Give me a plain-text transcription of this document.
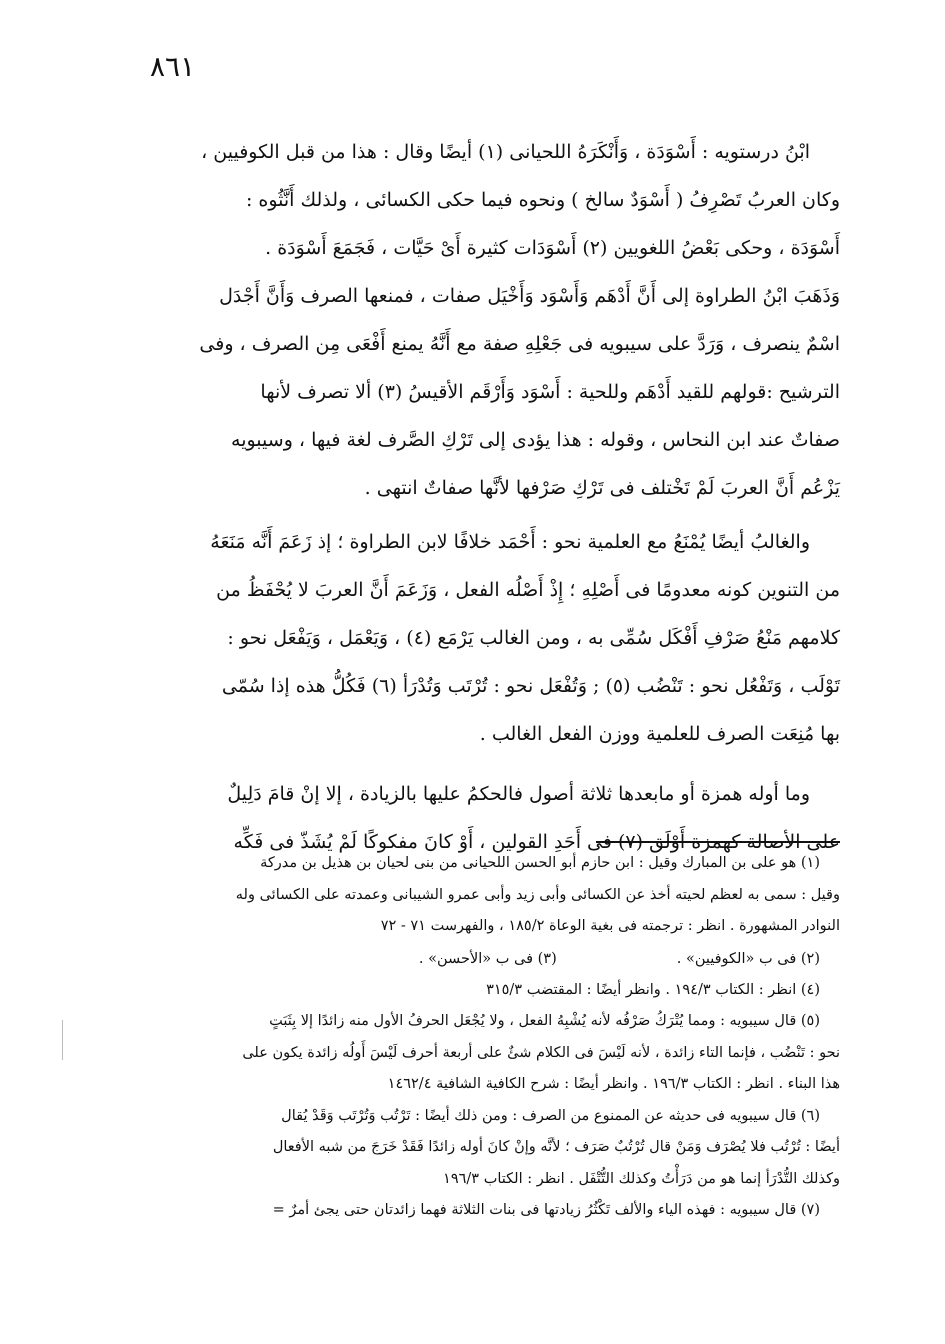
٨٦١

ابْنُ درستويه : أَسْوَدَة ، وَأَنْكَرَهُ اللحيانى (١) أيضًا وقال : هذا من قبل الكوفيين ،

وكان العربُ تَصْرِفُ ( أَسْوَدٌ سالخ ) ونحوه فيما حكى الكسائى ، ولذلك أَنَّثُوه :

أَسْوَدَة ، وحكى بَعْضُ اللغويين (٢) أَسْوَدَات كثيرة أَىْ حَيَّات ، فَجَمَعَ أَسْوَدَة .

وَذَهَبَ ابْنُ الطراوة إلى أَنَّ أَدْهَم وَأَسْوَد وَأَخْيَل صفات ، فمنعها الصرف وَأَنَّ أَجْدَل

اسْمٌ ينصرف ، وَرَدَّ على سيبويه فى جَعْلِهِ صفة مع أَنَّهُ يمنع أَفْعَى مِن الصرف ، وفى

الترشيح :قولهم للقيد أَدْهَم وللحية : أَسْوَد وَأَرْقَم الأقيسُ (٣) ألا تصرف لأنها

صفاتٌ عند ابن النحاس ، وقوله : هذا يؤدى إلى تَرْكِ الصَّرف لغة فيها ، وسيبويه

يَزْعُم أَنَّ العربَ لَمْ تَخْتلف فى تَرْكِ صَرْفها لأنَّها صفاتٌ انتهى .

والغالبُ أيضًا يُمْنَعُ مع العلمية نحو : أَحْمَد خلافًا لابن الطراوة ؛ إذ زَعَمَ أَنَّه مَنَعَهُ

من التنوين كونه معدومًا فى أَصْلِهِ ؛ إِذْ أَصْلُه الفعل ، وَزَعَمَ أَنَّ العربَ لا يُحْفَظُ من

كلامهم مَنْعُ صَرْفِ أَفْكَل سُمِّى به ، ومن الغالب يَرْمَع (٤) ، وَيَعْمَل ، وَيَفْعَل نحو :

تَوْلَب ، وَتَفْعُل نحو : تَنْضُب (٥) ; وَتُفْعَل نحو : تُرْتَب وَتُدْرَأ (٦) فَكُلُّ هذه إذا سُمّى

بها مُنِعَت الصرف للعلمية ووزن الفعل الغالب .

وما أوله همزة أو مابعدها ثلاثة أصول فالحكمُ عليها بالزيادة ، إلا إنْ قامَ دَلِيلٌ

على الأصالة كهمزة أَوْلَق (٧) فى أَحَدِ القولين ، أَوْ كانَ مفكوكًا لَمْ يُشَذّ فى فَكِّه

(١) هو على بن المبارك وقيل : ابن حازم أبو الحسن اللحيانى من بنى لحيان بن هذيل بن مدركة

وقيل : سمى به لعظم لحيته أخذ عن الكسائى وأبى زيد وأبى عمرو الشيبانى وعمدته على الكسائى وله

النوادر المشهورة . انظر : ترجمته فى بغية الوعاة ١٨٥/٢ ، والفهرست ٧١ - ٧٢

(٢) فى ب «الكوفيين» .
(٣) فى ب «الأحسن» .

(٤) انظر : الكتاب ١٩٤/٣ . وانظر أيضًا : المقتضب ٣١٥/٣

(٥) قال سيبويه : ومما يُتْرَكُ صَرْفُه لأنه يُشْبِهُ الفعل ، ولا يُجْعَل الحرفُ الأول منه زائدًا إلا بِثَبَتٍ

نحو : تَنْضُب ، فإنما التاء زائدة ، لأنه لَيْسَ فى الكلام شئٌ على أربعة أحرف لَيْسَ أَولُه زائدة يكون على

هذا البناء . انظر : الكتاب ١٩٦/٣ . وانظر أيضًا : شرح الكافية الشافية ١٤٦٢/٤

(٦) قال سيبويه فى حديثه عن الممنوع من الصرف : ومن ذلك أيضًا : تَرْتُب وَتُرْتَب وَقَدْ يُقال

أيضًا : تُرْتُب فلا يُصْرَف وَمَنْ قال تُرْتُبٌ صَرَف ؛ لأنَّه وإنْ كانَ أوله زائدًا فَقَدْ خَرَجَ من شبه الأفعال

وكذلك التُّدْرَأ إنما هو من دَرَأْتُ وكذلك التُّتْفَل . انظر : الكتاب ١٩٦/٣

(٧) قال سيبويه : فهذه الياء والألف تَكْثُرُ زيادتها فى بنات الثلاثة فهما زائدتان حتى يجئ أمرٌ =
